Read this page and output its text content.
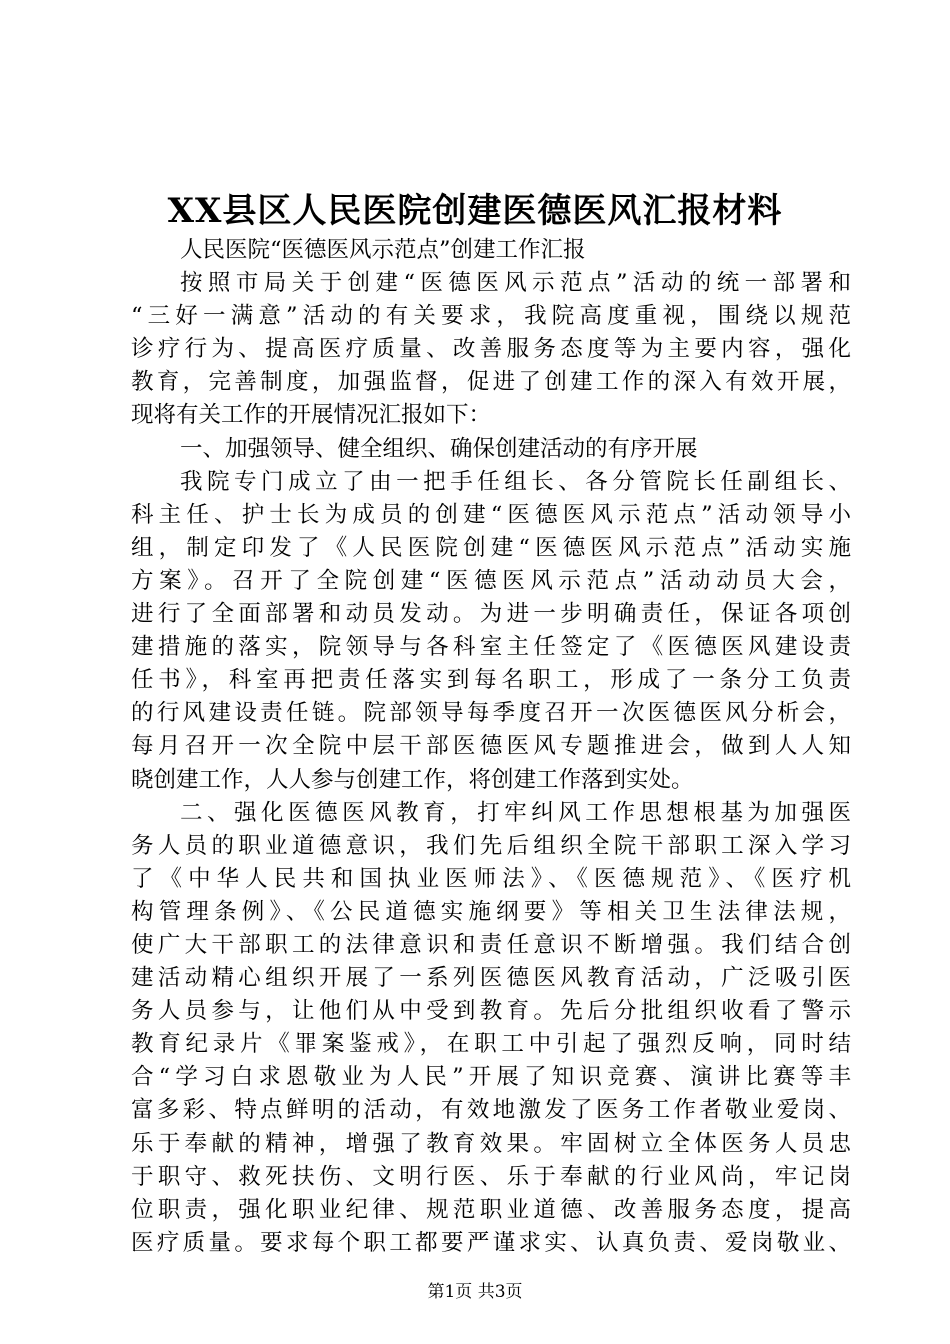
XX县区人民医院创建医德医风汇报材料
人民医院“医德医风示范点”创建工作汇报
按照市局关于创建“医德医风示范点”活动的统一部署和
“三好一满意”活动的有关要求，我院高度重视，围绕以规范
诊疗行为、提高医疗质量、改善服务态度等为主要内容，强化
教育，完善制度，加强监督，促进了创建工作的深入有效开展，
现将有关工作的开展情况汇报如下：
一、加强领导、健全组织、确保创建活动的有序开展
我院专门成立了由一把手任组长、各分管院长任副组长、
科主任、护士长为成员的创建“医德医风示范点”活动领导小
组，制定印发了《人民医院创建“医德医风示范点”活动实施
方案》。召开了全院创建“医德医风示范点”活动动员大会，
进行了全面部署和动员发动。为进一步明确责任，保证各项创
建措施的落实，院领导与各科室主任签定了《医德医风建设责
任书》，科室再把责任落实到每名职工，形成了一条分工负责
的行风建设责任链。院部领导每季度召开一次医德医风分析会，
每月召开一次全院中层干部医德医风专题推进会，做到人人知
晓创建工作，人人参与创建工作，将创建工作落到实处。
二、强化医德医风教育，打牢纠风工作思想根基为加强医
务人员的职业道德意识，我们先后组织全院干部职工深入学习
了《中华人民共和国执业医师法》、《医德规范》、《医疗机
构管理条例》、《公民道德实施纲要》等相关卫生法律法规，
使广大干部职工的法律意识和责任意识不断增强。我们结合创
建活动精心组织开展了一系列医德医风教育活动，广泛吸引医
务人员参与，让他们从中受到教育。先后分批组织收看了警示
教育纪录片《罪案鉴戒》，在职工中引起了强烈反响，同时结
合“学习白求恩敬业为人民”开展了知识竞赛、演讲比赛等丰
富多彩、特点鲜明的活动，有效地激发了医务工作者敬业爱岗、
乐于奉献的精神，增强了教育效果。牢固树立全体医务人员忠
于职守、救死扶伤、文明行医、乐于奉献的行业风尚，牢记岗
位职责，强化职业纪律、规范职业道德、改善服务态度，提高
医疗质量。要求每个职工都要严谨求实、认真负责、爱岗敬业、
第1页 共3页
